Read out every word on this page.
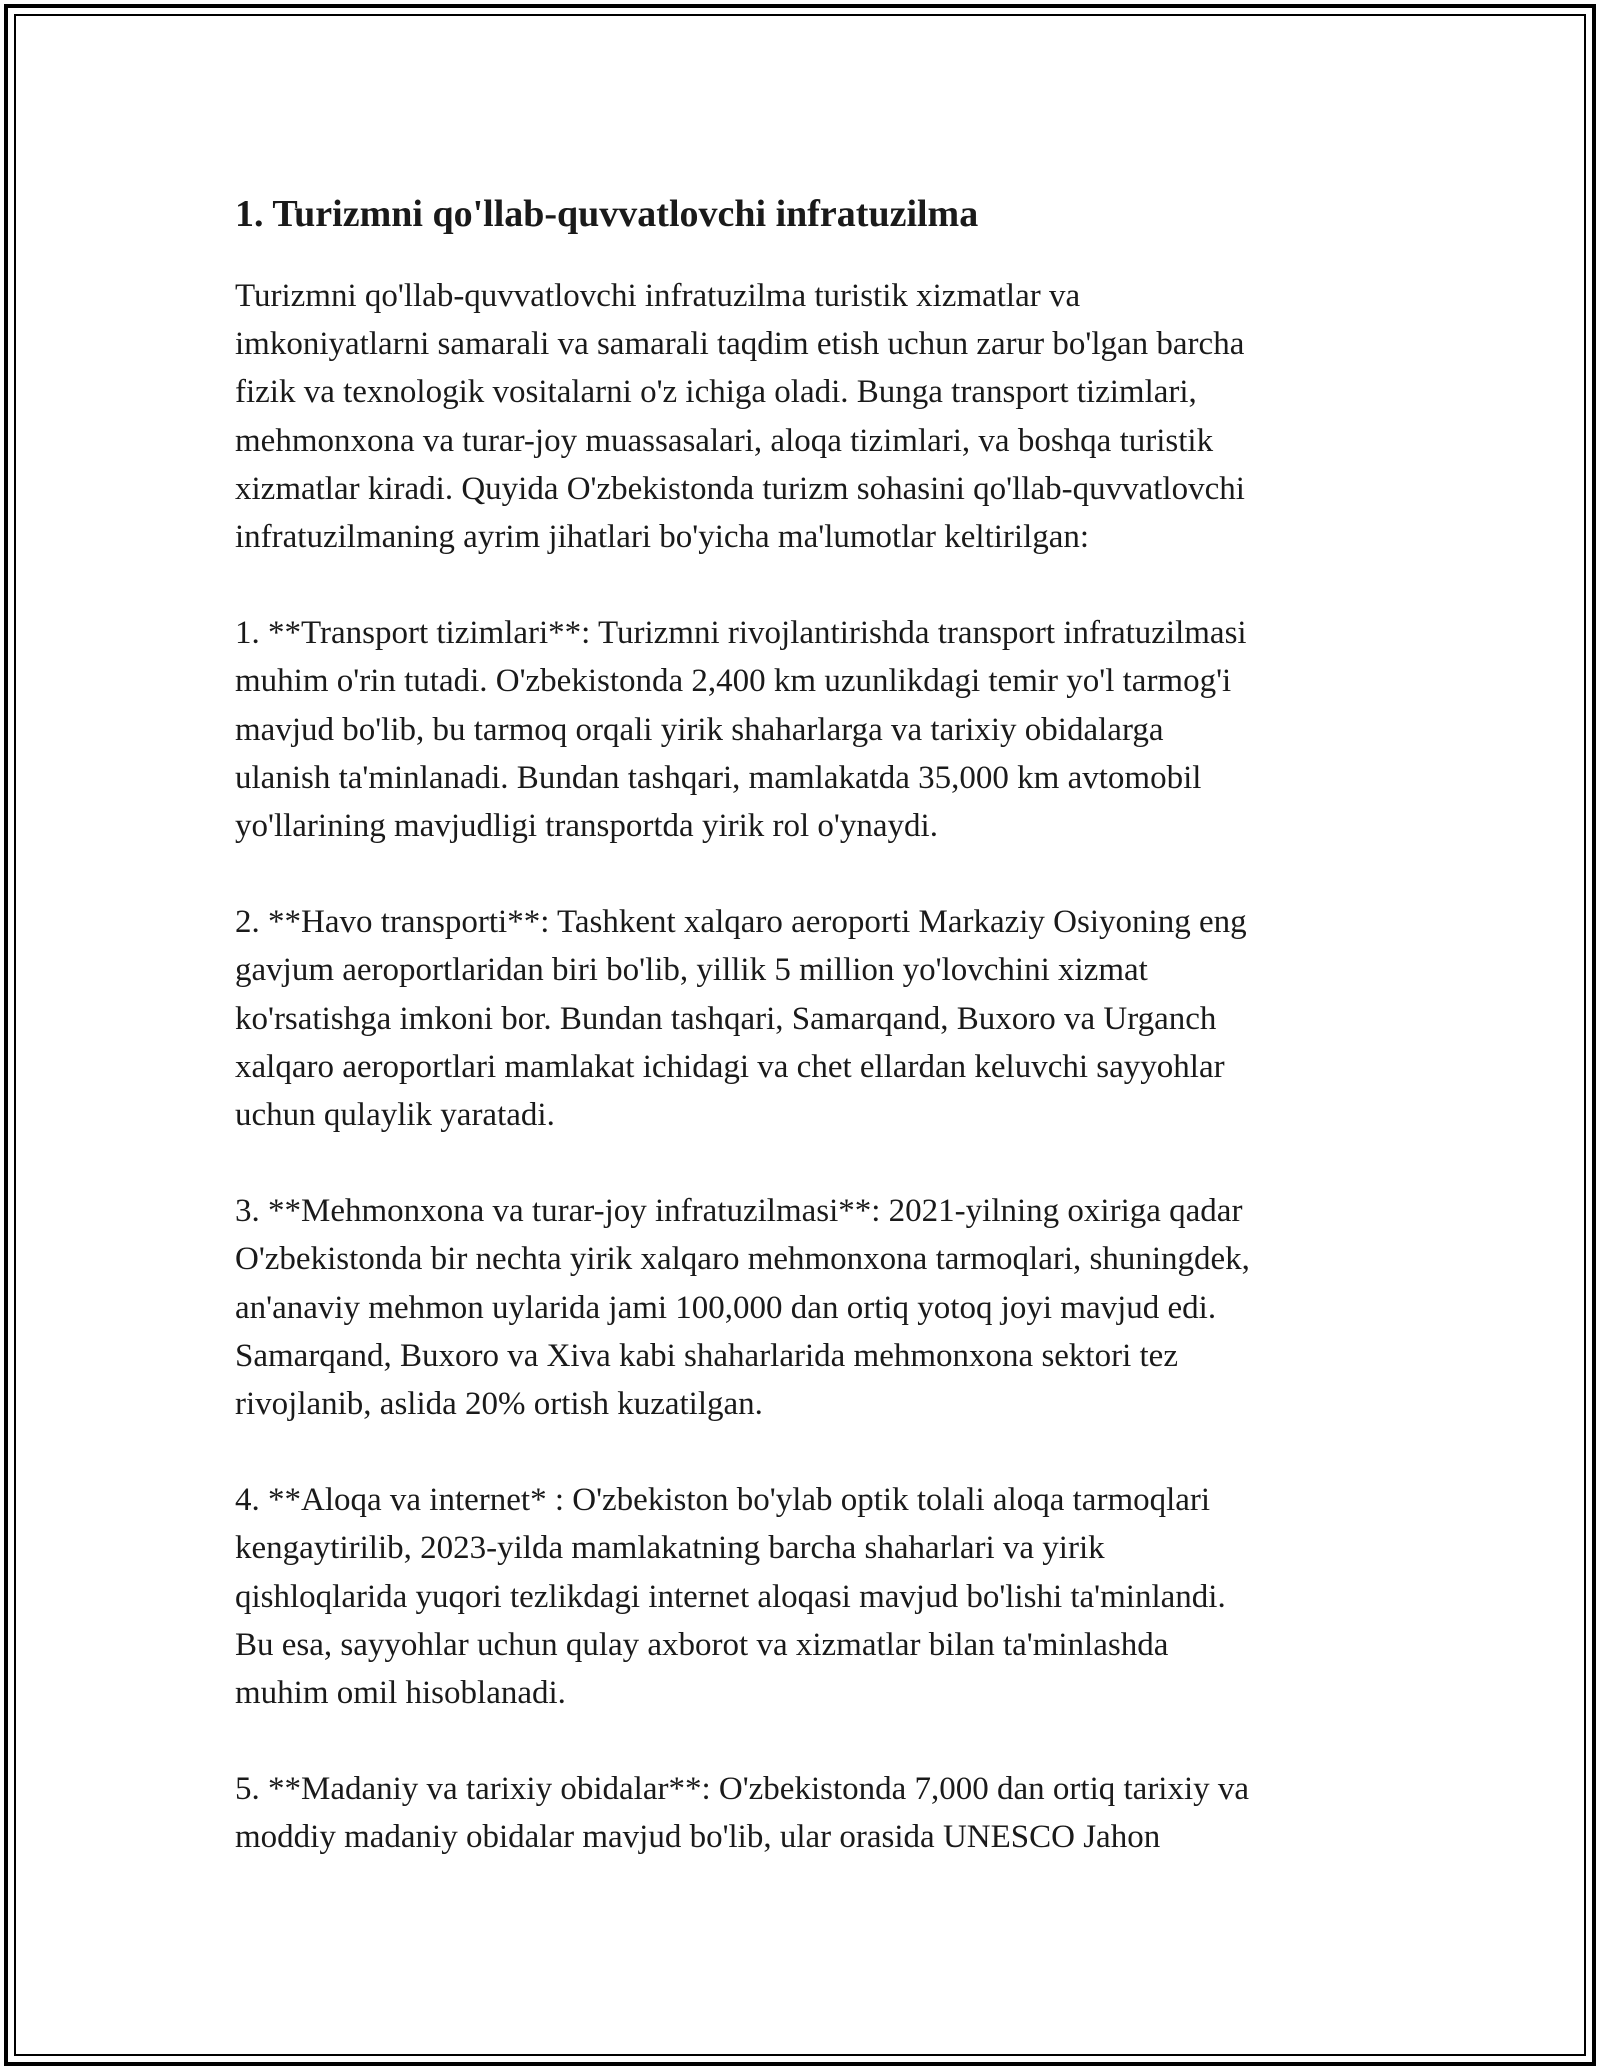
1. Turizmni qo'llab-quvvatlovchi infratuzilma

Turizmni qo'llab-quvvatlovchi infratuzilma turistik xizmatlar va
imkoniyatlarni samarali va samarali taqdim etish uchun zarur bo'lgan barcha
fizik va texnologik vositalarni o'z ichiga oladi. Bunga transport tizimlari,
mehmonxona va turar-joy muassasalari, aloqa tizimlari, va boshqa turistik
xizmatlar kiradi. Quyida O'zbekistonda turizm sohasini qo'llab-quvvatlovchi
infratuzilmaning ayrim jihatlari bo'yicha ma'lumotlar keltirilgan:

1. **Transport tizimlari**: Turizmni rivojlantirishda transport infratuzilmasi
muhim o'rin tutadi. O'zbekistonda 2,400 km uzunlikdagi temir yo'l tarmog'i
mavjud bo'lib, bu tarmoq orqali yirik shaharlarga va tarixiy obidalarga
ulanish ta'minlanadi. Bundan tashqari, mamlakatda 35,000 km avtomobil
yo'llarining mavjudligi transportda yirik rol o'ynaydi.

2. **Havo transporti**: Tashkent xalqaro aeroporti Markaziy Osiyoning eng
gavjum aeroportlaridan biri bo'lib, yillik 5 million yo'lovchini xizmat
ko'rsatishga imkoni bor. Bundan tashqari, Samarqand, Buxoro va Urganch
xalqaro aeroportlari mamlakat ichidagi va chet ellardan keluvchi sayyohlar
uchun qulaylik yaratadi.

3. **Mehmonxona va turar-joy infratuzilmasi**: 2021-yilning oxiriga qadar
O'zbekistonda bir nechta yirik xalqaro mehmonxona tarmoqlari, shuningdek,
an'anaviy mehmon uylarida jami 100,000 dan ortiq yotoq joyi mavjud edi.
Samarqand, Buxoro va Xiva kabi shaharlarida mehmonxona sektori tez
rivojlanib, aslida 20% ortish kuzatilgan.

4. **Aloqa va internet* : O'zbekiston bo'ylab optik tolali aloqa tarmoqlari
kengaytirilib, 2023-yilda mamlakatning barcha shaharlari va yirik
qishloqlarida yuqori tezlikdagi internet aloqasi mavjud bo'lishi ta'minlandi.
Bu esa, sayyohlar uchun qulay axborot va xizmatlar bilan ta'minlashda
muhim omil hisoblanadi.

5. **Madaniy va tarixiy obidalar**: O'zbekistonda 7,000 dan ortiq tarixiy va
moddiy madaniy obidalar mavjud bo'lib, ular orasida UNESCO Jahon
